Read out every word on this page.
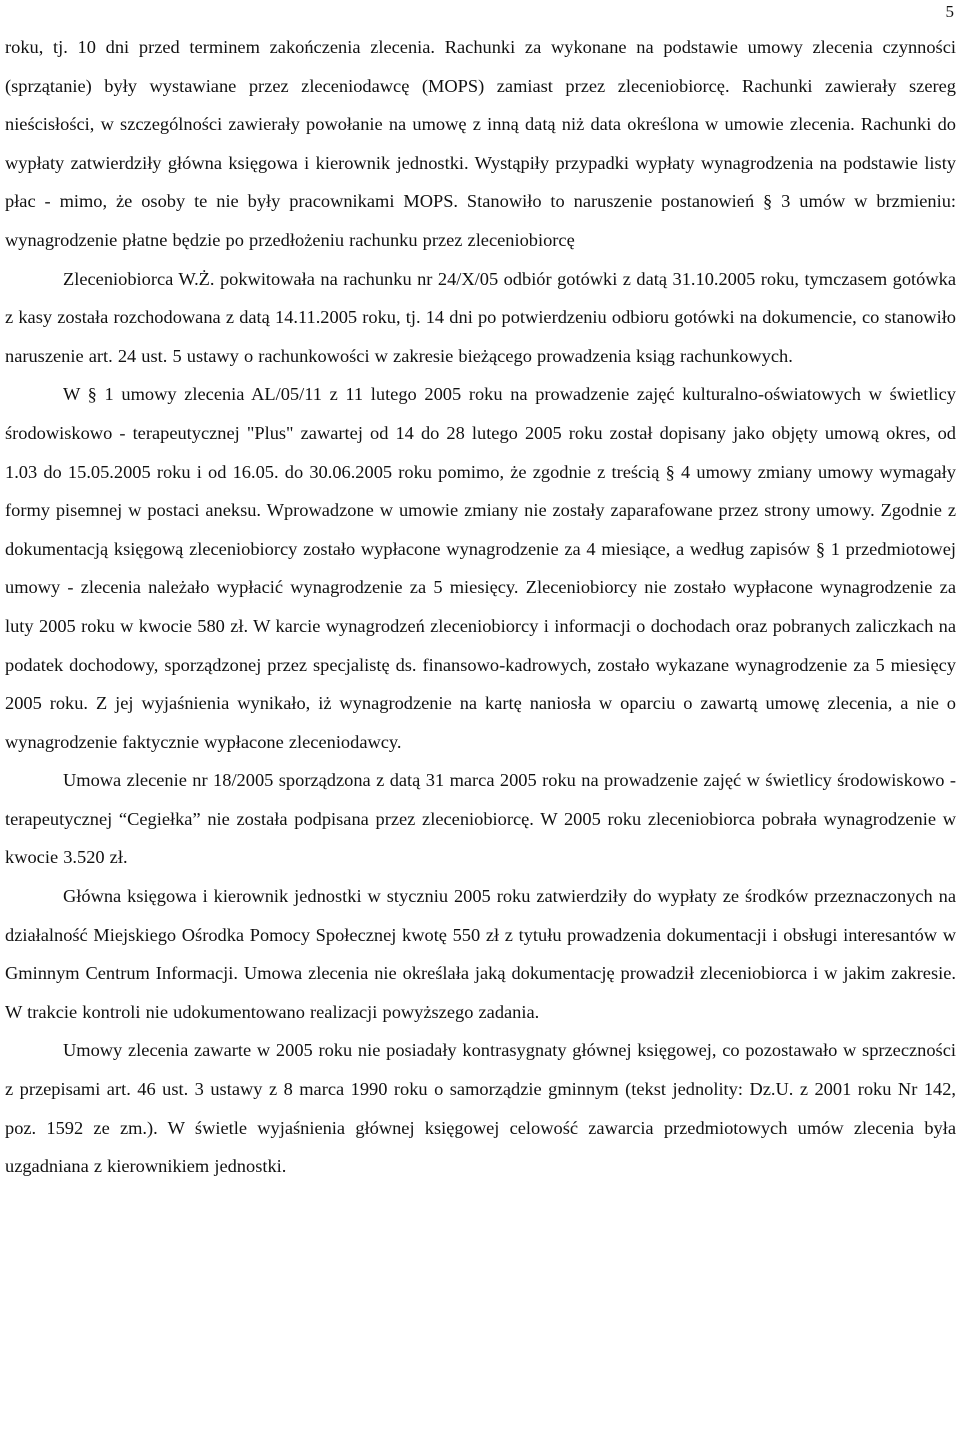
5

roku, tj. 10 dni przed terminem zakończenia zlecenia. Rachunki za wykonane na podstawie umowy zlecenia czynności (sprzątanie) były wystawiane przez zleceniodawcę (MOPS) zamiast przez zleceniobiorcę. Rachunki zawierały szereg nieścisłości, w szczególności zawierały powołanie na umowę z inną datą niż data określona w umowie zlecenia. Rachunki do wypłaty zatwierdziły główna księgowa i kierownik jednostki. Wystąpiły przypadki wypłaty wynagrodzenia na podstawie listy płac - mimo, że osoby te nie były pracownikami MOPS. Stanowiło to naruszenie postanowień § 3 umów w brzmieniu: wynagrodzenie płatne będzie po przedłożeniu rachunku przez zleceniobiorcę

Zleceniobiorca W.Ż. pokwitowała na rachunku nr 24/X/05 odbiór gotówki z datą 31.10.2005 roku, tymczasem gotówka z kasy została rozchodowana z datą 14.11.2005 roku, tj. 14 dni po potwierdzeniu odbioru gotówki na dokumencie, co stanowiło naruszenie art. 24 ust. 5 ustawy o rachunkowości w zakresie bieżącego prowadzenia ksiąg rachunkowych.

W § 1 umowy zlecenia AL/05/11 z 11 lutego 2005 roku na prowadzenie zajęć kulturalno-oświatowych w świetlicy środowiskowo - terapeutycznej "Plus" zawartej od 14 do 28 lutego 2005 roku został dopisany jako objęty umową okres, od 1.03 do 15.05.2005 roku i od 16.05. do 30.06.2005 roku pomimo, że zgodnie z treścią § 4 umowy zmiany umowy wymagały formy pisemnej w postaci aneksu. Wprowadzone w umowie zmiany nie zostały zaparafowane przez strony umowy. Zgodnie z dokumentacją księgową zleceniobiorcy zostało wypłacone wynagrodzenie za 4 miesiące, a według zapisów § 1 przedmiotowej umowy - zlecenia należało wypłacić wynagrodzenie za 5 miesięcy. Zleceniobiorcy nie zostało wypłacone wynagrodzenie za luty 2005 roku w kwocie 580 zł. W karcie wynagrodzeń zleceniobiorcy i informacji o dochodach oraz pobranych zaliczkach na podatek dochodowy, sporządzonej przez specjalistę ds. finansowo-kadrowych, zostało wykazane wynagrodzenie za 5 miesięcy 2005 roku. Z jej wyjaśnienia wynikało, iż wynagrodzenie na kartę naniosła w oparciu o zawartą umowę zlecenia, a nie o wynagrodzenie faktycznie wypłacone zleceniodawcy.

Umowa zlecenie nr 18/2005 sporządzona z datą 31 marca 2005 roku na prowadzenie zajęć w świetlicy środowiskowo - terapeutycznej “Cegiełka” nie została podpisana przez zleceniobiorcę. W 2005 roku zleceniobiorca pobrała wynagrodzenie w kwocie 3.520 zł.

Główna księgowa i kierownik jednostki w styczniu 2005 roku zatwierdziły do wypłaty ze środków przeznaczonych na działalność Miejskiego Ośrodka Pomocy Społecznej kwotę 550 zł z tytułu prowadzenia dokumentacji i obsługi interesantów w Gminnym Centrum Informacji. Umowa zlecenia nie określała jaką dokumentację prowadził zleceniobiorca i w jakim zakresie. W trakcie kontroli nie udokumentowano realizacji powyższego zadania.

Umowy zlecenia zawarte w 2005 roku nie posiadały kontrasygnaty głównej księgowej, co pozostawało w sprzeczności z przepisami art. 46 ust. 3 ustawy z 8 marca 1990 roku o samorządzie gminnym (tekst jednolity: Dz.U. z 2001 roku Nr 142, poz. 1592 ze zm.). W świetle wyjaśnienia głównej księgowej celowość zawarcia przedmiotowych umów zlecenia była uzgadniana z kierownikiem jednostki.
